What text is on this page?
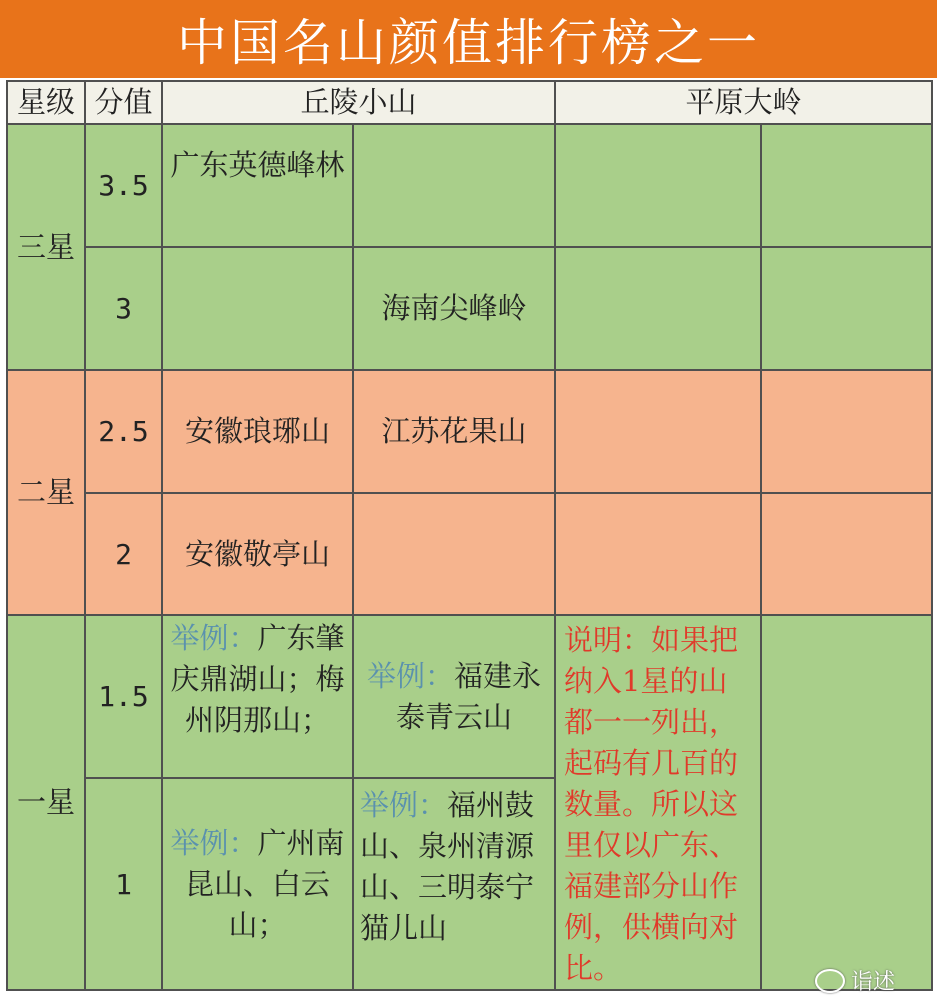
中国名山颜值排行榜之一
星级	分值	丘陵小山		平原大岭	
三星	3.5	广东英德峰林			
	3		海南尖峰岭		
二星	2.5	安徽琅琊山	江苏花果山		
	2	安徽敬亭山			
一星	1.5	举例：广东肇庆鼎湖山；梅州阴那山；	举例：福建永泰青云山	说明：如果把纳入1星的山都一一列出，起码有几百的数量。所以这里仅以广东、福建部分山作例，供横向对比。	
	1	举例：广州南昆山、白云山；	举例：福州鼓山、泉州清源山、三明泰宁猫儿山		
诣述
